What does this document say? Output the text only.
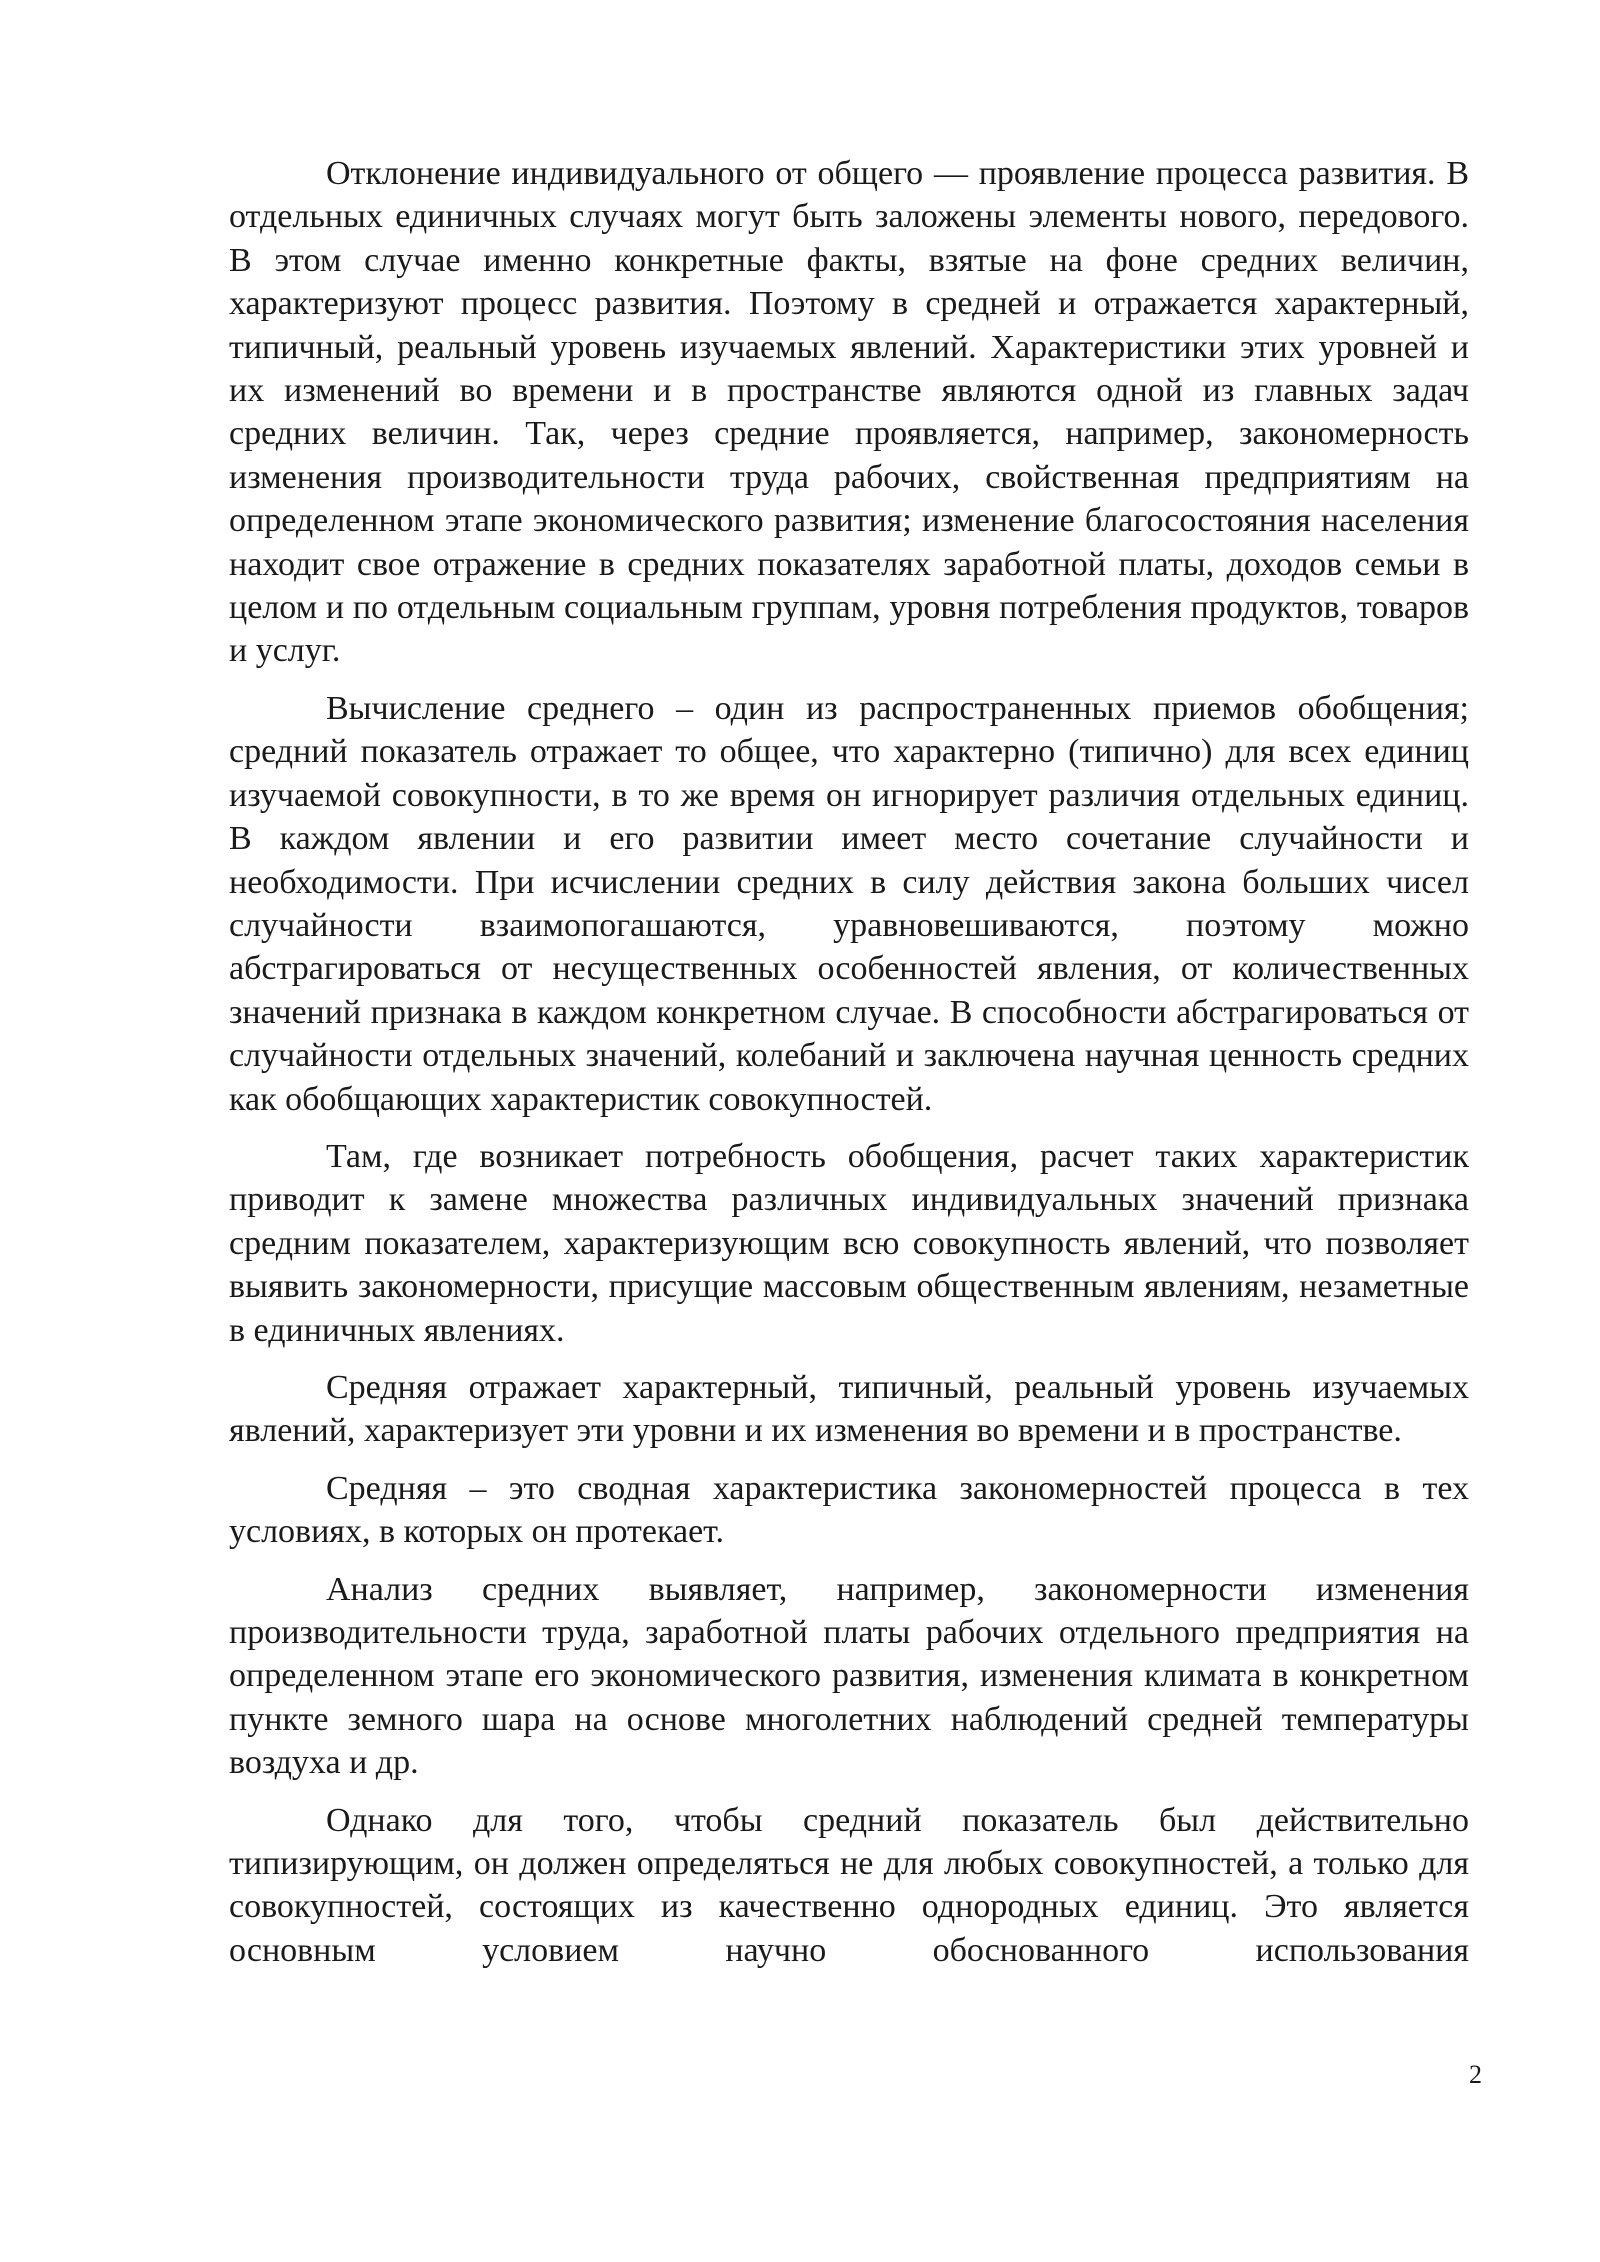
Отклонение индивидуального от общего — проявление процесса развития. В отдельных единичных случаях могут быть заложены элементы нового, передового. В этом случае именно конкретные факты, взятые на фоне средних величин, характеризуют процесс развития. Поэтому в средней и отражается характерный, типичный, реальный уровень изучаемых явлений. Характеристики этих уровней и их изменений во времени и в пространстве являются одной из главных задач средних величин. Так, через средние проявляется, например, закономерность изменения производительности труда рабочих, свойственная предприятиям на определенном этапе экономического развития; изменение благосостояния населения находит свое отражение в средних показателях заработной платы, доходов семьи в целом и по отдельным социальным группам, уровня потребления продуктов, товаров и услуг.

Вычисление среднего – один из распространенных приемов обобщения; средний показатель отражает то общее, что характерно (типично) для всех единиц изучаемой совокупности, в то же время он игнорирует различия отдельных единиц. В каждом явлении и его развитии имеет место сочетание случайности и необходимости. При исчислении средних в силу действия закона больших чисел случайности взаимопогашаются, уравновешиваются, поэтому можно абстрагироваться от несущественных особенностей явления, от количественных значений признака в каждом конкретном случае. В способности абстрагироваться от случайности отдельных значений, колебаний и заключена научная ценность средних как обобщающих характеристик совокупностей.

Там, где возникает потребность обобщения, расчет таких характеристик приводит к замене множества различных индивидуальных значений признака средним показателем, характеризующим всю совокупность явлений, что позволяет выявить закономерности, присущие массовым общественным явлениям, незаметные в единичных явлениях.

Средняя отражает характерный, типичный, реальный уровень изучаемых явлений, характеризует эти уровни и их изменения во времени и в пространстве.

Средняя – это сводная характеристика закономерностей процесса в тех условиях, в которых он протекает.

Анализ средних выявляет, например, закономерности изменения производительности труда, заработной платы рабочих отдельного предприятия на определенном этапе его экономического развития, изменения климата в конкретном пункте земного шара на основе многолетних наблюдений средней температуры воздуха и др.

Однако для того, чтобы средний показатель был действительно типизирующим, он должен определяться не для любых совокупностей, а только для совокупностей, состоящих из качественно однородных единиц. Это является основным условием научно обоснованного использования

2
